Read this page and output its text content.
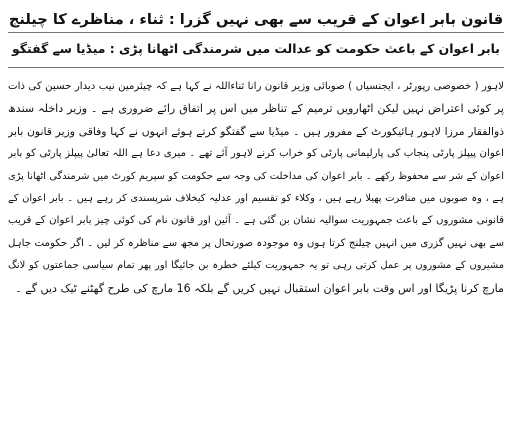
قانون بابر اعوان کے قریب سے بھی نہیں گزرا : ثناء ، مناظرے کا چیلنج
بابر اعوان کے باعث حکومت کو عدالت میں شرمندگی اٹھانا پڑی : میڈیا سے گفتگو
لاہور ( خصوصی رپورٹر ، ایجنسیاں ) صوبائی وزیر قانون رانا ثناءاللہ نے کہا ہے کہ چیئرمین نیب دیدار حسین کی ذات
پر کوئی اعتراض نہیں لیکن اٹھارویں ترمیم کے تناظر میں اس پر اتفاق رائے ضروری ہے ۔ وزیر داخلہ سندھ
ذوالفقار مرزا لاہور ہائیکورٹ کے مفرور ہیں ۔ میڈیا سے گفتگو کرتے ہوئے انہوں نے کہا وفاقی وزیر قانون بابر
اعوان پیپلز پارٹی پنجاب کی پارلیمانی پارٹی کو خراب کرنے لاہور آئے تھے ۔ میری دعا ہے اللہ تعالیٰ پیپلز پارٹی کو بابر
اعوان کے شر سے محفوظ رکھے ۔ بابر اعوان کی مداخلت کی وجہ سے حکومت کو سپریم کورٹ میں شرمندگی اٹھانا پڑی
ہے ، وہ صوبوں میں منافرت پھیلا رہے ہیں ، وکلاء کو تقسیم اور عدلیہ کیخلاف شرپسندی کر رہے ہیں ۔ بابر اعوان کے
قانونی مشوروں کے باعث جمہوریت سوالیہ نشان بن گئی ہے ۔ آئین اور قانون نام کی کوئی چیز بابر اعوان کے قریب
سے بھی نہیں گزری میں انہیں چیلنج کرتا ہوں وہ موجودہ صورتحال پر مجھ سے مناظرہ کر لیں ۔ اگر حکومت جاہل
مشیروں کے مشوروں پر عمل کرتی رہی تو یہ جمہوریت کیلئے خطرہ بن جائیگا اور پھر تمام سیاسی جماعتوں کو لانگ
مارچ کرنا پڑیگا اور اس وقت بابر اعوان استقبال نہیں کریں گے بلکہ 16 مارچ کی طرح گھٹنے ٹیک دیں گے ۔
